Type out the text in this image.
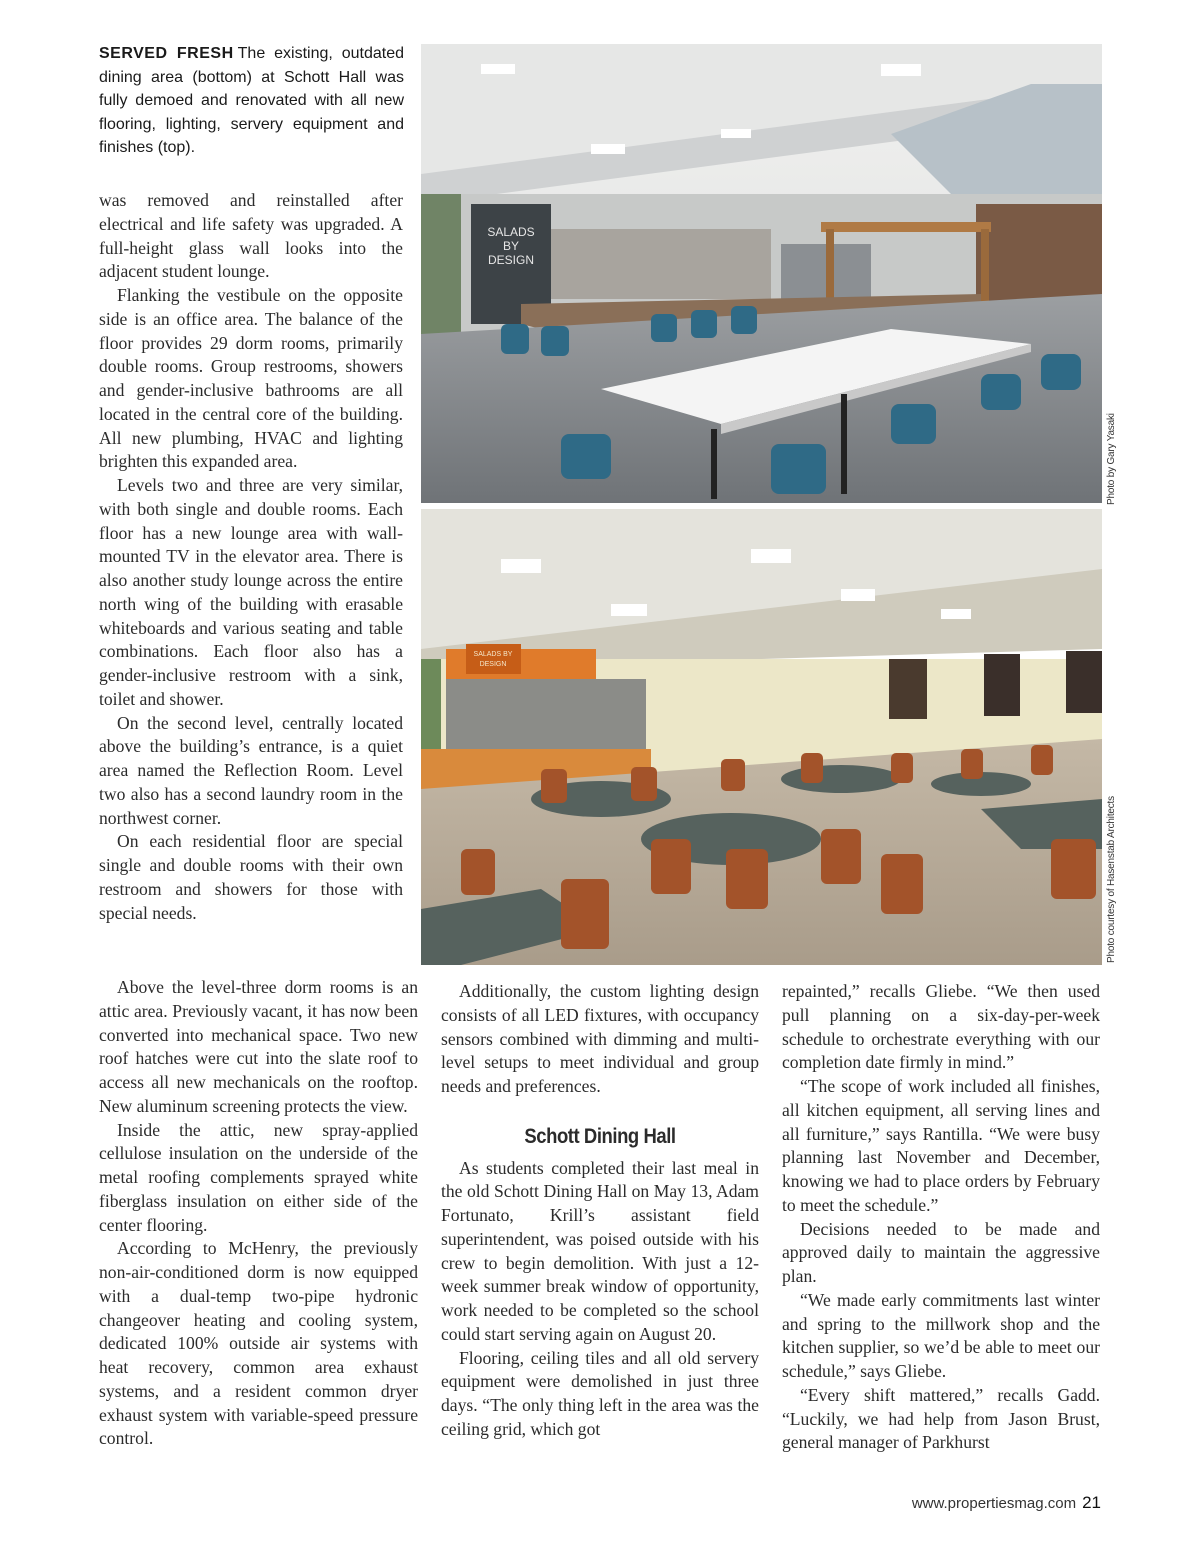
SERVED FRESH The existing, outdated dining area (bottom) at Schott Hall was fully demoed and renovated with all new flooring, lighting, servery equipment and finishes (top).

was removed and reinstalled after electrical and life safety was upgraded. A full-height glass wall looks into the adjacent student lounge.

Flanking the vestibule on the opposite side is an office area. The balance of the floor provides 29 dorm rooms, primarily double rooms. Group restrooms, showers and gender-inclusive bathrooms are all located in the central core of the building. All new plumbing, HVAC and lighting brighten this expanded area.

Levels two and three are very similar, with both single and double rooms. Each floor has a new lounge area with wall-mounted TV in the elevator area. There is also another study lounge across the entire north wing of the building with erasable whiteboards and various seating and table combinations. Each floor also has a gender-inclusive restroom with a sink, toilet and shower.

On the second level, centrally located above the building’s entrance, is a quiet area named the Reflection Room. Level two also has a second laundry room in the northwest corner.

On each residential floor are special single and double rooms with their own restroom and showers for those with special needs.

Above the level-three dorm rooms is an attic area. Previously vacant, it has now been converted into mechanical space. Two new roof hatches were cut into the slate roof to access all new mechanicals on the rooftop. New aluminum screening protects the view.

Inside the attic, new spray-applied cellulose insulation on the underside of the metal roofing complements sprayed white fiberglass insulation on either side of the center flooring.

According to McHenry, the previously non-air-conditioned dorm is now equipped with a dual-temp two-pipe hydronic changeover heating and cooling system, dedicated 100% outside air systems with heat recovery, common area exhaust systems, and a resident common dryer exhaust system with variable-speed pressure control.

Additionally, the custom lighting design consists of all LED fixtures, with occupancy sensors combined with dimming and multi-level setups to meet individual and group needs and preferences.

Schott Dining Hall

As students completed their last meal in the old Schott Dining Hall on May 13, Adam Fortunato, Krill’s assistant field superintendent, was poised outside with his crew to begin demolition. With just a 12-week summer break window of opportunity, work needed to be completed so the school could start serving again on August 20.

Flooring, ceiling tiles and all old servery equipment were demolished in just three days. “The only thing left in the area was the ceiling grid, which got

repainted,” recalls Gliebe. “We then used pull planning on a six-day-per-week schedule to orchestrate everything with our completion date firmly in mind.”

“The scope of work included all finishes, all kitchen equipment, all serving lines and all furniture,” says Rantilla. “We were busy planning last November and December, knowing we had to place orders by February to meet the schedule.”

Decisions needed to be made and approved daily to maintain the aggressive plan.

“We made early commitments last winter and spring to the millwork shop and the kitchen supplier, so we’d be able to meet our schedule,” says Gliebe.

“Every shift mattered,” recalls Gadd. “Luckily, we had help from Jason Brust, general manager of Parkhurst

SALADS
BY
DESIGN
Photo by Gary Yasaki
SALADS BY
DESIGN
Photo courtesy of Hasenstab Architects
www.propertiesmag.com 21
